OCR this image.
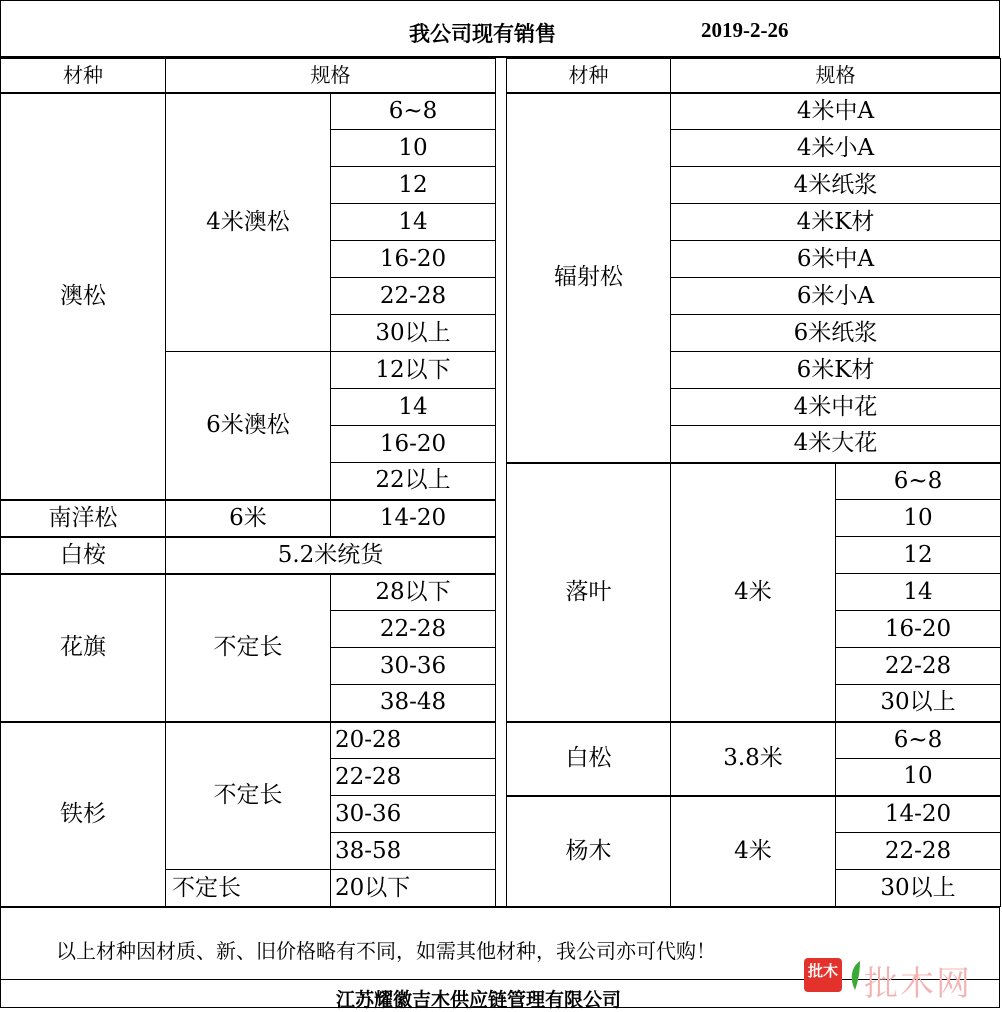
我公司现有销售	2019-2-26
材种	规格	
澳松	4米澳松	6~8
		10
		12
		14
		16-20
		22-28
		30以上
	6米澳松	12以下
		14
		16-20
		22以上
南洋松	6米	14-20
白桉	5.2米统货	
花旗	不定长	28以下
		22-28
		30-36
		38-48
铁杉	不定长	20-28
		22-28
		30-36
		38-58
	不定长	20以下
材种	规格	
辐射松	4米中A	
	4米小A	
	4米纸浆	
	4米K材	
	6米中A	
	6米小A	
	6米纸浆	
	6米K材	
	4米中花	
	4米大花	
落叶	4米	6~8
		10
		12
		14
		16-20
		22-28
		30以上
白松	3.8米	6~8
		10
杨木	4米	14-20
		22-28
		30以上
以上材种因材质、新、旧价格略有不同，如需其他材种，我公司亦可代购！
江苏耀徽吉木供应链管理有限公司
批木
Anywood.com 批木网
